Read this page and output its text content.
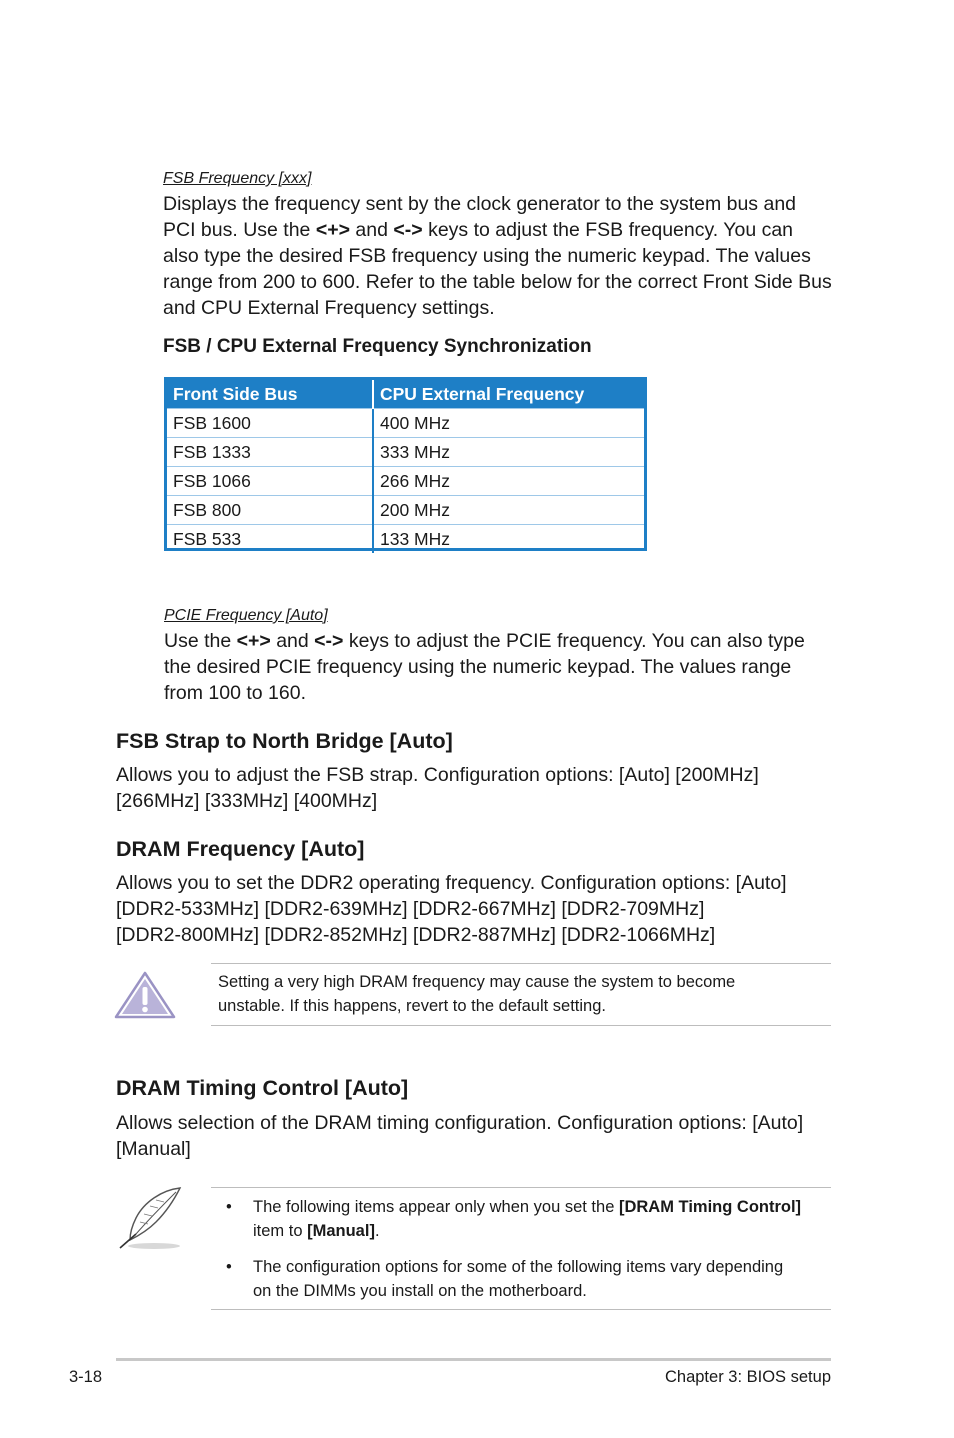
FSB Frequency [xxx]
Displays the frequency sent by the clock generator to the system bus and
PCI bus. Use the <+> and <-> keys to adjust the FSB frequency. You can
also type the desired FSB frequency using the numeric keypad. The values
range from 200 to 600. Refer to the table below for the correct Front Side Bus
and CPU External Frequency settings.
FSB / CPU External Frequency Synchronization
Front Side Bus	CPU External Frequency
FSB 1600	400 MHz
FSB 1333	333 MHz
FSB 1066	266 MHz
FSB 800	200 MHz
FSB 533	133 MHz
PCIE Frequency [Auto]
Use the <+> and <-> keys to adjust the PCIE frequency. You can also type
the desired PCIE frequency using the numeric keypad. The values range
from 100 to 160.
FSB Strap to North Bridge [Auto]
Allows you to adjust the FSB strap. Configuration options: [Auto] [200MHz]
[266MHz] [333MHz] [400MHz]
DRAM Frequency [Auto]
Allows you to set the DDR2 operating frequency. Configuration options: [Auto]
[DDR2-533MHz] [DDR2-639MHz] [DDR2-667MHz] [DDR2-709MHz]
[DDR2-800MHz] [DDR2-852MHz] [DDR2-887MHz] [DDR2-1066MHz]
Setting a very high DRAM frequency may cause the system to become
unstable. If this happens, revert to the default setting.
DRAM Timing Control [Auto]
Allows selection of the DRAM timing configuration. Configuration options: [Auto]
[Manual]
• The following items appear only when you set the [DRAM Timing Control]
item to [Manual].
• The configuration options for some of the following items vary depending
on the DIMMs you install on the motherboard.
3-18	Chapter 3: BIOS setup
